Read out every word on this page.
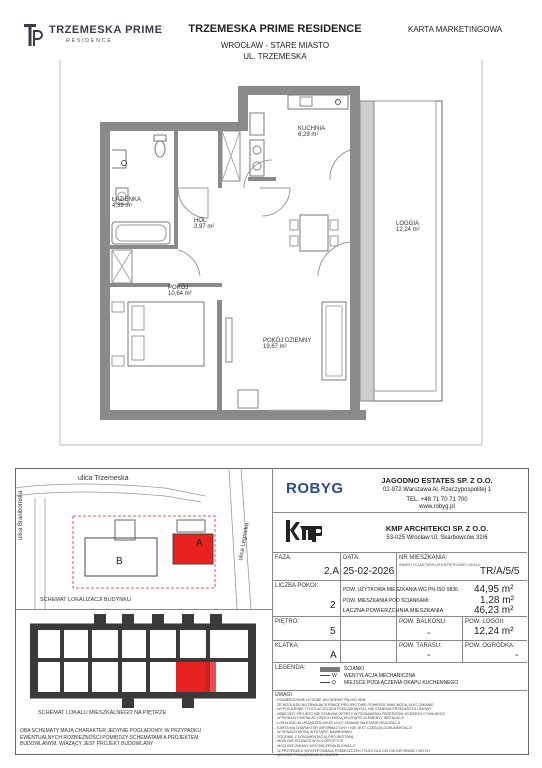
TRZEMESKA PRIME
RESIDENCE
TRZEMESKA PRIME RESIDENCE
WROCŁAW - STARE MIASTO
UL. TRZEMESKA
KARTA MARKETINGOWA
KUCHNIA
6,28 m²
ŁAZIENKA
4,39 m²
HOL
3,97 m²	LOGGIA
12,24 m²
POKÓJ
10,64 m²
POKÓJ DZIENNY
19,67 m²
ulica Trzemeska
ulica Branibornska
ulica Legnicka
B
A
SCHEMAT LOKALIZACJI BUDYNKU
SCHEMAT LOKALU MIESZKALNEGO NA PIĘTRZE
OBA SCHEMATY MAJĄ CHARAKTER JEDYNIE POGLĄDOWY. W PRZYPADKU EWENTUALNYCH ROZBIEŻNOŚCI POMIĘDZY SCHEMATAMI A PROJEKTEM BUDOWLANYM, WIĄŻĄCY JEST PROJEKT BUDOWLANY
ROBYG	JAGODNO ESTATES SP. Z O.O.
02-972 Warszawa Al. Rzeczypospolitej 1
TEL. +48 71 70 71 700
www.robyg.pl
KMP ARCHITEKCI SP. Z O.O.
53-025 Wrocław Ul. Skarbowców 31/6
FAZA:
2.A
DATA:
25-02-2026
NR MIESZKANIA:
INWESTYCJA/ETAP/KLATKA/PIĘTRO/NR LOKALU
TR/A/5/5
LICZBA POKOI:
2
POW. UŻYTKOWA MIESZKANIA WG PN-ISO 9836: 44,95 m²
POW. MIESZKANIA POD ŚCIANKAMI:	1,28 m²
ŁĄCZNA POWIERZCHNIA MIESZKANIA:	46,23 m²
PIĘTRO:
5
POW. BALKONU:
-
POW. LOGGII:
12,24 m²
KLATKA:
A
POW. TARASU:
-
POW. OGRÓDKA:
-
LEGENDA:	ŚCIANKI
W WENTYLACJA MECHANICZNA
O MIEJSCE PODŁĄCZENIA OKAPU KUCHENNEGO
UWAGI:
- POWIERZCHNIE LICZONE WG NORMY PN-ISO 9836
- ZE WZGLĘDU NA TRWAJĄCE PRACE PROJEKTOWE POWIERZCHNIE MOGĄ ULEC ZMIANIE
- WYPOSAŻENIE TYLKO W CELACH POGLĄDOWYCH, NIE STANOWI PRZEDMIOTU UMOWY
- NINIEJSZY PROJEKT NIE STANOWI OFERTY W ROZUMIENIU PRZEPISÓW KODEKSU CYWILNEGO
- W PIONACH INSTALACYJNYCH MOGĄ WYSTĄPIĆ ELEMENTY INSTALACJI
- LOKALIZACJA URZĄDZEŃ MOŻE ULEC ZMIANIE NA ETAPIE REALIZACJI
- KARTA MA CHARAKTER INFORMACYJNY I NIE JEST CZĘŚCIĄ DOKUMENTACJI
- W OKNACH MOGĄ WYSTĄPIĆ NAWIEWNIKI
- ZGODNIE Z DOKUMENTACJĄ PROJEKTOWĄ
- MOŻLIWE RÓŻNICE W KOLORYSTYCE
- MOŻLIWE ZMIANY WYKOŃCZENIA ELEWACJI
- W PRZYPADKU WYSTĘPOWANIA POMIESZCZEŃ TYLKO DLA CELÓW INFORMACYJNYCH
- MIEJSCE PODŁĄCZENIA W KLATCE
